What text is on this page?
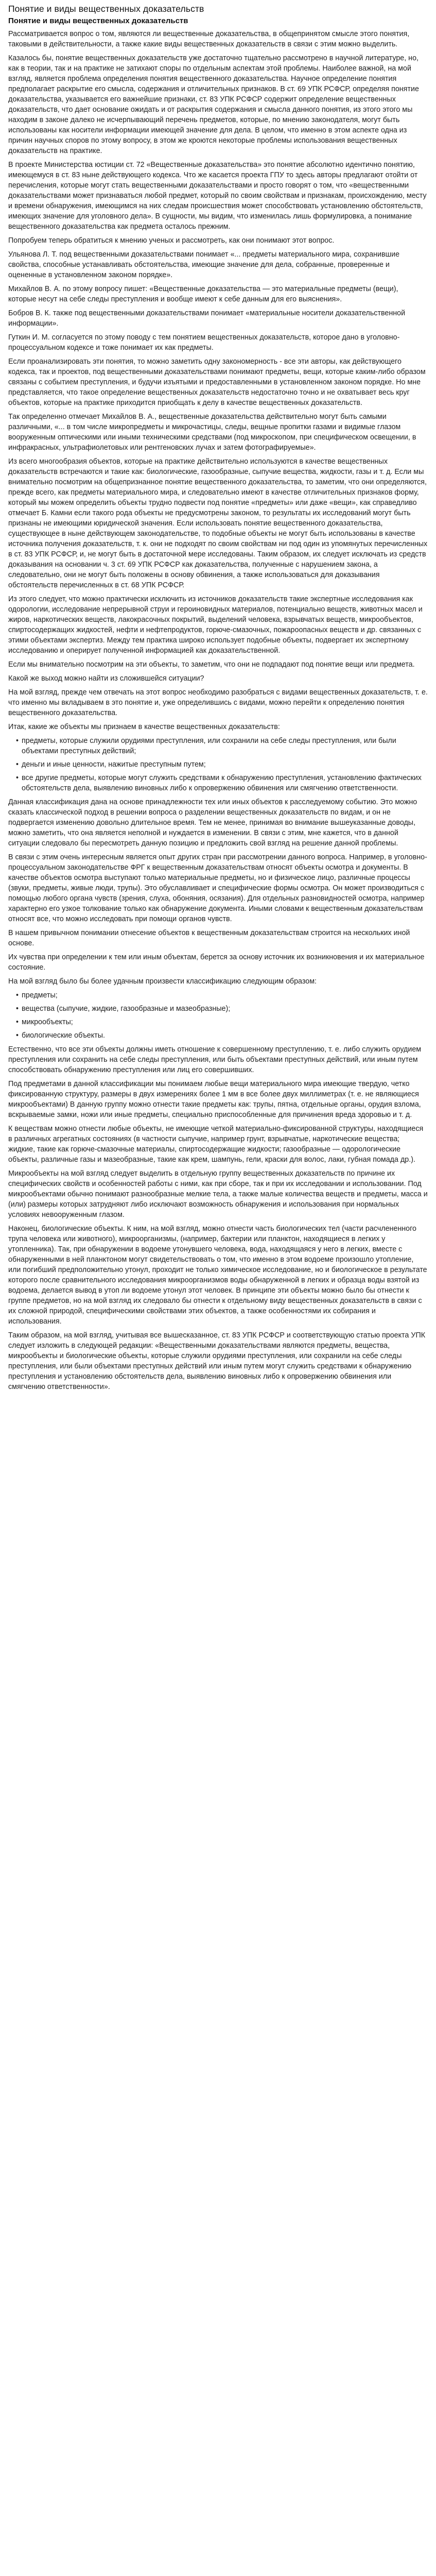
Понятие и виды вещественных доказательств
Понятие и виды вещественных доказательств

Рассматривается вопрос о том, являются ли вещественные доказательства, в общепринятом смысле этого понятия, таковыми в действительности, а также какие виды вещественных доказательств в связи с этим можно выделить.

Казалось бы, понятие вещественных доказательств уже достаточно тщательно рассмотрено в научной литературе, но, как в теории, так и на практике не затихают споры по отдельным аспектам этой проблемы. Наиболее важной, на мой взгляд, является проблема определения понятия вещественного доказательства. Научное определение понятия предполагает раскрытие его смысла, содержания и отличительных признаков. В ст. 69 УПК РСФСР, определяя понятие доказательства, указывается его важнейшие признаки, ст. 83 УПК РСФСР содержит определение вещественных доказательств, что дает основание ожидать и от раскрытия содержания и смысла данного понятия, из этого этого мы находим в законе далеко не исчерпывающий перечень предметов, которые, по мнению законодателя, могут быть использованы как носители информации имеющей значение для дела. В целом, что именно в этом аспекте одна из причин научных споров по этому вопросу, в этом же кроются некоторые проблемы использования вещественных доказательств на практике.

В проекте Министерства юстиции ст. 72 «Вещественные доказательства» это понятие абсолютно идентично понятию, имеющемуся в ст. 83 ныне действующего кодекса. Что же касается проекта ГПУ то здесь авторы предлагают отойти от перечисления, которые могут стать вещественными доказательствами и просто говорят о том, что «вещественными доказательствами может признаваться любой предмет, который по своим свойствам и признакам, происхождению, месту и времени обнаружения, имеющимся на них следам происшествия может способствовать установлению обстоятельств, имеющих значение для уголовного дела». В сущности, мы видим, что изменилась лишь формулировка, а понимание вещественного доказательства как предмета осталось прежним.

Попробуем теперь обратиться к мнению ученых и рассмотреть, как они понимают этот вопрос.

Ульянова Л. Т. под вещественными доказательствами понимает «... предметы материального мира, сохранившие свойства, способные устанавливать обстоятельства, имеющие значение для дела, собранные, проверенные и оцененные в установленном законом порядке».

Михайлов В. А. по этому вопросу пишет: «Вещественные доказательства — это материальные предметы (вещи), которые несут на себе следы преступления и вообще имеют к себе данным для его выяснения».

Бобров В. К. также под вещественными доказательствами понимает «материальные носители доказательственной информации».

Гуткин И. М. согласуется по этому поводу с тем понятием вещественных доказательств, которое дано в уголовно-процессуальном кодексе и тоже понимает их как предметы.

Если проанализировать эти понятия, то можно заметить одну закономерность - все эти авторы, как действующего кодекса, так и проектов, под вещественными доказательствами понимают предметы, вещи, которые каким-либо образом связаны с событием преступления, и будучи изъятыми и предоставленными в установленном законом порядке. Но мне представляется, что такое определение вещественных доказательств недостаточно точно и не охватывает весь круг объектов, которые на практике приходится приобщать к делу в качестве вещественных доказательств.

Так определенно отмечает Михайлов В. А., вещественные доказательства действительно могут быть самыми различными, «... в том числе микропредметы и микрочастицы, следы, вещные пропитки газами и видимые глазом вооруженным оптическими или иными техническими средствами (под микроскопом, при специфическом освещении, в инфракрасных, ультрафиолетовых или рентгеновских лучах и затем фотографируемые».

Из всего многообразия объектов, которые на практике действительно используются в качестве вещественных доказательств встречаются и такие как: биологические, газообразные, сыпучие вещества, жидкости, газы и т. д. Если мы внимательно посмотрим на общепризнанное понятие вещественного доказательства, то заметим, что они определяются, прежде всего, как предметы материального мира, и следовательно имеют в качестве отличительных признаков форму, который мы можем определить объекты трудно подвести под понятие «предметы» или даже «вещи», как справедливо отмечает Б. Камни если такого рода объекты не предусмотрены законом, то результаты их исследований могут быть признаны не имеющими юридической значения. Если использовать понятие вещественного доказательства, существующее в ныне действующем законодательстве, то подобные объекты не могут быть использованы в качестве источника получения доказательств, т. к. они не подходят по своим свойствам ни под один из упомянутых перечисленных в ст. 83 УПК РСФСР, и, не могут быть в достаточной мере исследованы. Таким образом, их следует исключать из средств доказывания на основании ч. 3 ст. 69 УПК РСФСР как доказательства, полученные с нарушением закона, а следовательно, они не могут быть положены в основу обвинения, а также использоваться для доказывания обстоятельств перечисленных в ст. 68 УПК РСФСР.

Из этого следует, что можно практически исключить из источников доказательств такие экспертные исследования как одорологии, исследование непрерывной струи и героиновидных материалов, потенциально веществ, животных масел и жиров, наркотических веществ, лакокрасочных покрытий, выделений человека, взрывчатых веществ, микрообъектов, спиртосодержащих жидкостей, нефти и нефтепродуктов, горюче-смазочных, пожароопасных веществ и др. связанных с этими объектами экспертиз. Между тем практика широко использует подобные объекты, подвергает их экспертному исследованию и оперирует полученной информацией как доказательственной.

Если мы внимательно посмотрим на эти объекты, то заметим, что они не подпадают под понятие вещи или предмета.

Какой же выход можно найти из сложившейся ситуации?

На мой взгляд, прежде чем отвечать на этот вопрос необходимо разобраться с видами вещественных доказательств, т. е. что именно мы вкладываем в это понятие и, уже определившись с видами, можно перейти к определению понятия вещественного доказательства.

Итак, какие же объекты мы признаем в качестве вещественных доказательств:

• предметы, которые служили орудиями преступления, или сохранили на себе следы преступления, или были объектами преступных действий;
• деньги и иные ценности, нажитые преступным путем;
• все другие предметы, которые могут служить средствами к обнаружению преступления, установлению фактических обстоятельств дела, выявлению виновных либо к опровержению обвинения или смягчению ответственности.

Данная классификация дана на основе принадлежности тех или иных объектов к расследуемому событию. Это можно сказать классической подход в решении вопроса о разделении вещественных доказательств по видам, и он не подвергается изменению довольно длительное время. Тем не менее, принимая во внимание вышеуказанные доводы, можно заметить, что она является неполной и нуждается в изменении. В связи с этим, мне кажется, что в данной ситуации следовало бы пересмотреть данную позицию и предложить свой взгляд на решение данной проблемы.

В связи с этим очень интересным является опыт других стран при рассмотрении данного вопроса. Например, в уголовно-процессуальном законодательстве ФРГ к вещественным доказательствам относят объекты осмотра и документы. В качестве объектов осмотра выступают только материальные предметы, но и физическое лицо, различные процессы (звуки, предметы, живые люди, трупы). Это обуславливает и специфические формы осмотра. Он может производиться с помощью любого органа чувств (зрения, слуха, обоняния, осязания). Для отдельных разновидностей осмотра, например характерно его узкое толкование только как обнаружение документа. Иными словами к вещественным доказательствам относят все, что можно исследовать при помощи органов чувств.

В нашем привычном понимании отнесение объектов к вещественным доказательствам строится на нескольких иной основе.

Их чувства при определении к тем или иным объектам, берется за основу источник их возникновения и их материальное состояние.

На мой взгляд было бы более удачным произвести классификацию следующим образом:

• предметы;
• вещества (сыпучие, жидкие, газообразные и мазеобразные);
• микрообъекты;
• биологические объекты.

Естественно, что все эти объекты должны иметь отношение к совершенному преступлению, т. е. либо служить орудием преступления или сохранить на себе следы преступления, или быть объектами преступных действий, или иным путем способствовать обнаружению преступления или лиц его совершивших.

Под предметами в данной классификации мы понимаем любые вещи материального мира имеющие твердую, четко фиксированную структуру, размеры в двух измерениях более 1 мм в все более двух миллиметрах (т. е. не являющиеся микрообъектами) В данную группу можно отнести такие предметы как: трупы, пятна, отдельные органы, орудия взлома, вскрываемые замки, ножи или иные предметы, специально приспособленные для причинения вреда здоровью и т. д.

К веществам можно отнести любые объекты, не имеющие четкой материально-фиксированной структуры, находящиеся в различных агрегатных состояниях (в частности сыпучие, например грунт, взрывчатые, наркотические вещества; жидкие, такие как горюче-смазочные материалы, спиртосодержащие жидкости; газообразные — одорологические объекты, различные газы и мазеобразные, такие как крем, шампунь, гели, краски для волос, лаки, губная помада др.).

Микрообъекты на мой взгляд следует выделить в отдельную группу вещественных доказательств по причине их специфических свойств и особенностей работы с ними, как при сборе, так и при их исследовании и использовании. Под микрообъектами обычно понимают разнообразные мелкие тела, а также малые количества веществ и предметы, масса и (или) размеры которых затрудняют либо исключают возможность обнаружения и использования при нормальных условиях невооруженным глазом.

Наконец, биологические объекты. К ним, на мой взгляд, можно отнести часть биологических тел (части расчлененного трупа человека или животного), микроорганизмы, (например, бактерии или планктон, находящиеся в легких у утопленника). Так, при обнаружении в водоеме утонувшего человека, вода, находящаяся у него в легких, вместе с обнаруженными в ней планктоном могут свидетельствовать о том, что именно в этом водоеме произошло утопление, или погибший предположительно утонул, проходит не только химическое исследование, но и биологическое в результате которого после сравнительного исследования микроорганизмов воды обнаруженной в легких и образца воды взятой из водоема, делается вывод в утоп ли водоеме утонул этот человек. В принципе эти объекты можно было бы отнести к группе предметов, но на мой взгляд их следовало бы отнести к отдельному виду вещественных доказательств в связи с их сложной природой, специфическими свойствами этих объектов, а также особенностями их собирания и использования.

Таким образом, на мой взгляд, учитывая все вышесказанное, ст. 83 УПК РСФСР и соответствующую статью проекта УПК следует изложить в следующей редакции: «Вещественными доказательствами являются предметы, вещества, микрообъекты и биологические объекты, которые служили орудиями преступления, или сохранили на себе следы преступления, или были объектами преступных действий или иным путем могут служить средствами к обнаружению преступления и установлению обстоятельств дела, выявлению виновных либо к опровержению обвинения или смягчению ответственности».
